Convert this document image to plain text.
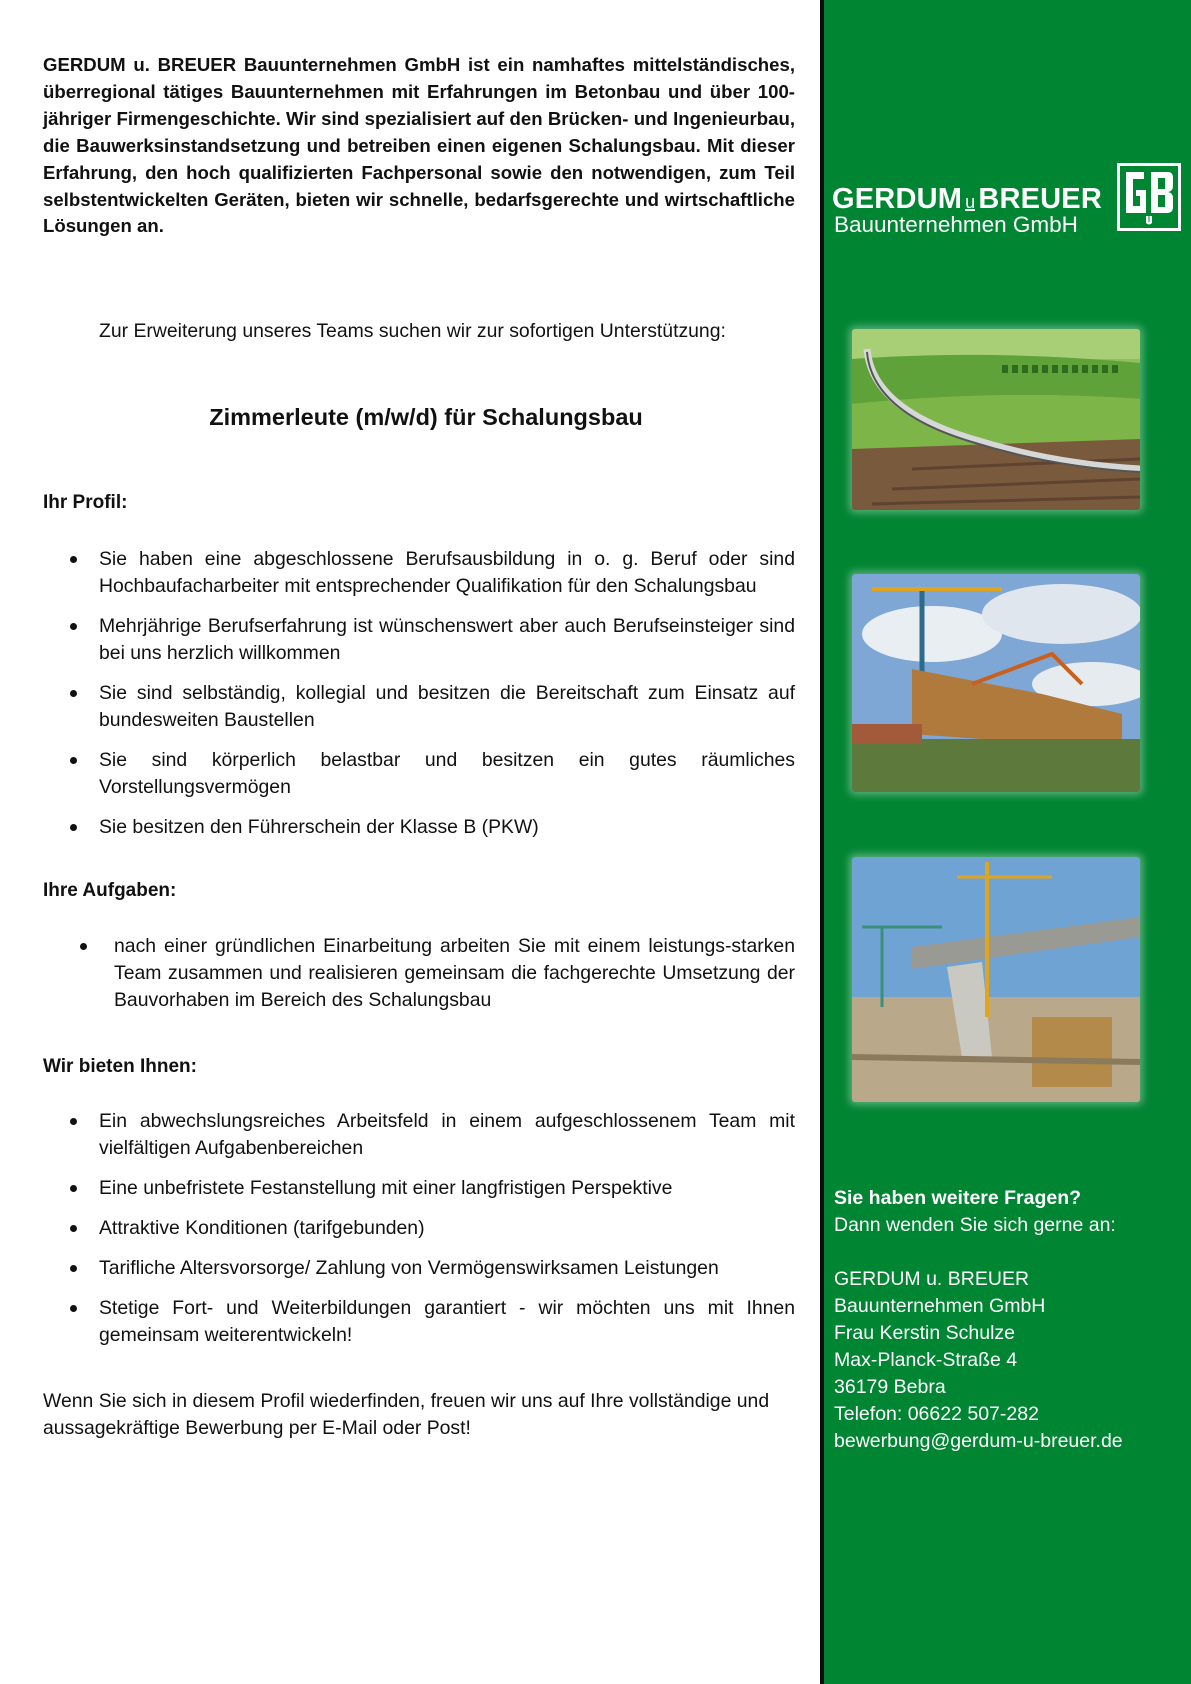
GERDUM u. BREUER Bauunternehmen GmbH ist ein namhaftes mittelständisches, überregional tätiges Bauunternehmen mit Erfahrungen im Betonbau und über 100-jähriger Firmengeschichte. Wir sind spezialisiert auf den Brücken- und Ingenieurbau, die Bauwerksinstandsetzung und betreiben einen eigenen Schalungsbau. Mit dieser Erfahrung, den hoch qualifizierten Fachpersonal sowie den notwendigen, zum Teil selbstentwickelten Geräten, bieten wir schnelle, bedarfsgerechte und wirtschaftliche Lösungen an.

Zur Erweiterung unseres Teams suchen wir zur sofortigen Unterstützung:

Zimmerleute (m/w/d) für Schalungsbau
Ihr Profil:
Sie haben eine abgeschlossene Berufsausbildung in o. g. Beruf oder sind Hochbaufacharbeiter mit entsprechender Qualifikation für den Schalungsbau
Mehrjährige Berufserfahrung ist wünschenswert aber auch Berufseinsteiger sind bei uns herzlich willkommen
Sie sind selbständig, kollegial und besitzen die Bereitschaft zum Einsatz auf bundesweiten Baustellen
Sie sind körperlich belastbar und besitzen ein gutes räumliches Vorstellungsvermögen
Sie besitzen den Führerschein der Klasse B (PKW)
Ihre Aufgaben:
nach einer gründlichen Einarbeitung arbeiten Sie mit einem leistungs-starken Team zusammen und realisieren gemeinsam die fachgerechte Umsetzung der Bauvorhaben im Bereich des Schalungsbau
Wir bieten Ihnen:
Ein abwechslungsreiches Arbeitsfeld in einem aufgeschlossenem Team mit vielfältigen Aufgabenbereichen
Eine unbefristete Festanstellung mit einer langfristigen Perspektive
Attraktive Konditionen (tarifgebunden)
Tarifliche Altersvorsorge/ Zahlung von Vermögenswirksamen Leistungen
Stetige Fort- und Weiterbildungen garantiert - wir möchten uns mit Ihnen gemeinsam weiterentwickeln!

Wenn Sie sich in diesem Profil wiederfinden, freuen wir uns auf Ihre vollständige und aussagekräftige Bewerbung per E-Mail oder Post!

GERDUM u BREUER
Bauunternehmen GmbH

Sie haben weitere Fragen?

Dann wenden Sie sich gerne an:

GERDUM u. BREUER

Bauunternehmen GmbH

Frau Kerstin Schulze

Max-Planck-Straße 4

36179 Bebra

Telefon: 06622 507-282

bewerbung@gerdum-u-breuer.de
